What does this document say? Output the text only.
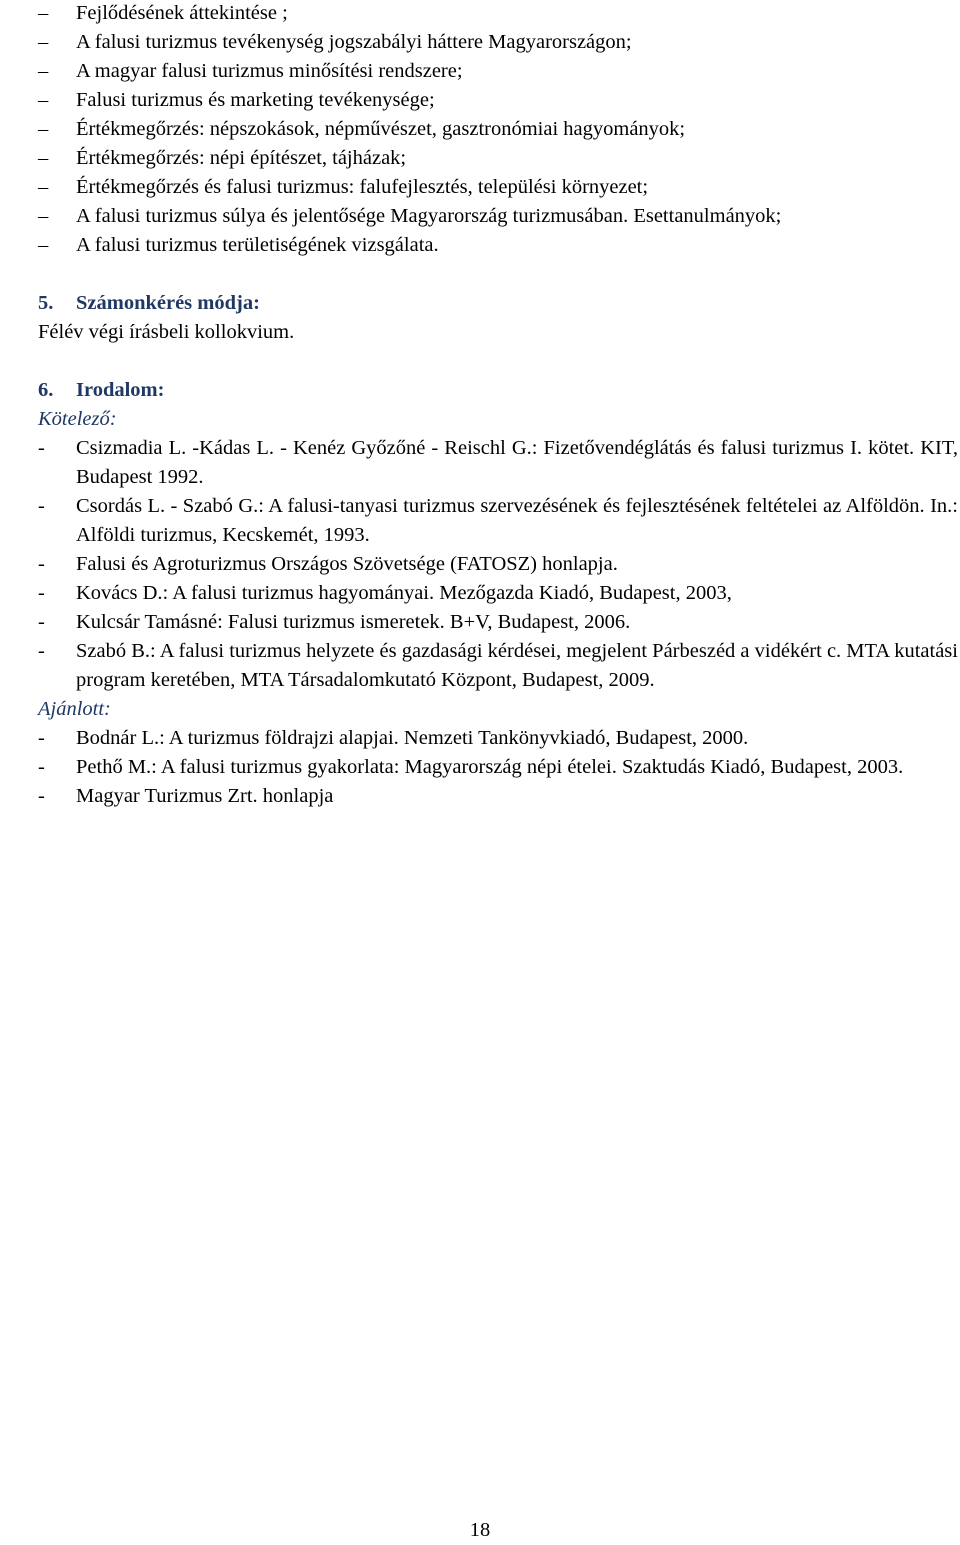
–	Fejlődésének áttekintése ;
–	A falusi turizmus tevékenység jogszabályi háttere Magyarországon;
–	A magyar falusi turizmus minősítési rendszere;
–	Falusi turizmus és marketing tevékenysége;
–	Értékmegőrzés: népszokások, népművészet, gasztronómiai hagyományok;
–	Értékmegőrzés: népi építészet, tájházak;
–	Értékmegőrzés és falusi turizmus: falufejlesztés, települési környezet;
–	A falusi turizmus súlya és jelentősége Magyarország turizmusában. Esettanulmányok;
–	A falusi turizmus területiségének vizsgálata.
5. Számonkérés módja:
Félév végi írásbeli kollokvium.
6. Irodalom:
Kötelező:
- Csizmadia L. -Kádas L. - Kenéz Győzőné - Reischl G.: Fizetővendéglátás és falusi turizmus I. kötet. KIT, Budapest 1992.
- Csordás L. - Szabó G.: A falusi-tanyasi turizmus szervezésének és fejlesztésének feltételei az Alföldön. In.: Alföldi turizmus, Kecskemét, 1993.
- Falusi és Agroturizmus Országos Szövetsége (FATOSZ) honlapja.
- Kovács D.: A falusi turizmus hagyományai. Mezőgazda Kiadó, Budapest, 2003,
- Kulcsár Tamásné: Falusi turizmus ismeretek. B+V, Budapest, 2006.
- Szabó B.: A falusi turizmus helyzete és gazdasági kérdései, megjelent Párbeszéd a vidékért c. MTA kutatási program keretében, MTA Társadalomkutató Központ, Budapest, 2009.
Ajánlott:
- Bodnár L.: A turizmus földrajzi alapjai. Nemzeti Tankönyvkiadó, Budapest, 2000.
- Pethő M.: A falusi turizmus gyakorlata: Magyarország népi ételei. Szaktudás Kiadó, Budapest, 2003.
- Magyar Turizmus Zrt. honlapja
18
